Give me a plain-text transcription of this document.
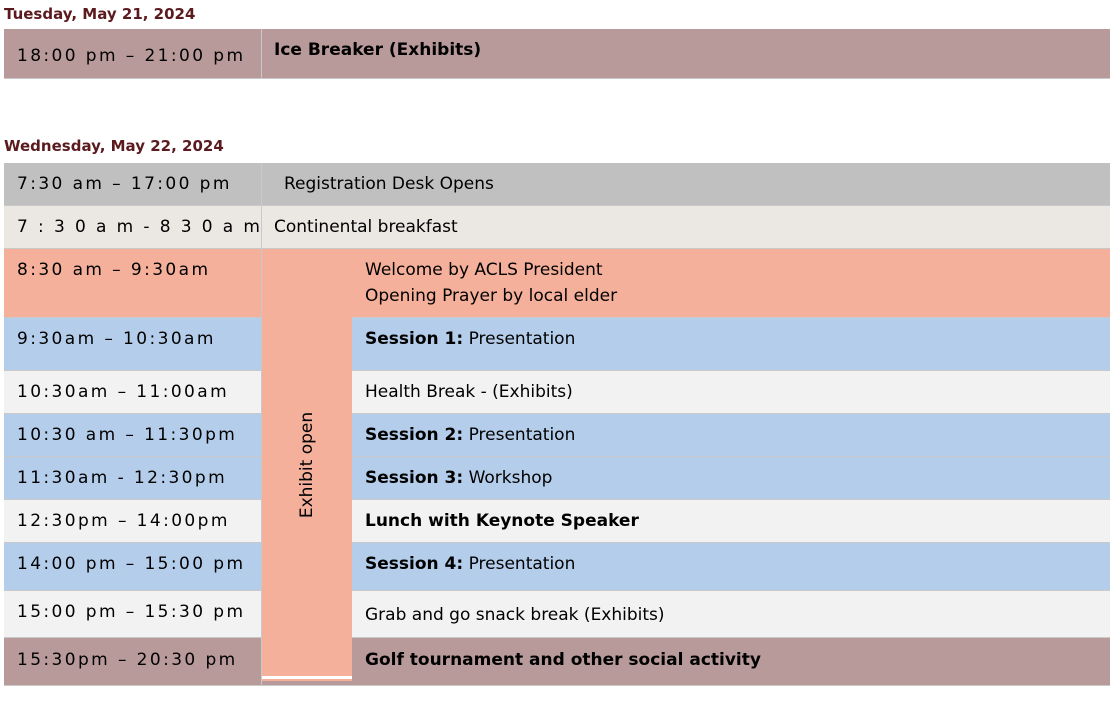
Tuesday, May 21, 2024
18:00 pm – 21:00 pm	Ice Breaker (Exhibits)
Wednesday, May 22, 2024
7:30 am – 17:00 pm	Registration Desk Opens
7 : 3 0 a m - 8 3 0 a m Continental breakfast
8:30 am – 9:30am	Welcome by ACLS President
Opening Prayer by local elder
9:30am – 10:30am	Session 1: Presentation
10:30am – 11:00am	Health Break - (Exhibits)
10:30 am – 11:30pm	Session 2: Presentation
11:30am - 12:30pm	Session 3: Workshop
12:30pm – 14:00pm	Lunch with Keynote Speaker
14:00 pm – 15:00 pm	Session 4: Presentation
15:00 pm – 15:30 pm	Grab and go snack break (Exhibits)
15:30pm – 20:30 pm	Golf tournament and other social activity
Exhibit open
